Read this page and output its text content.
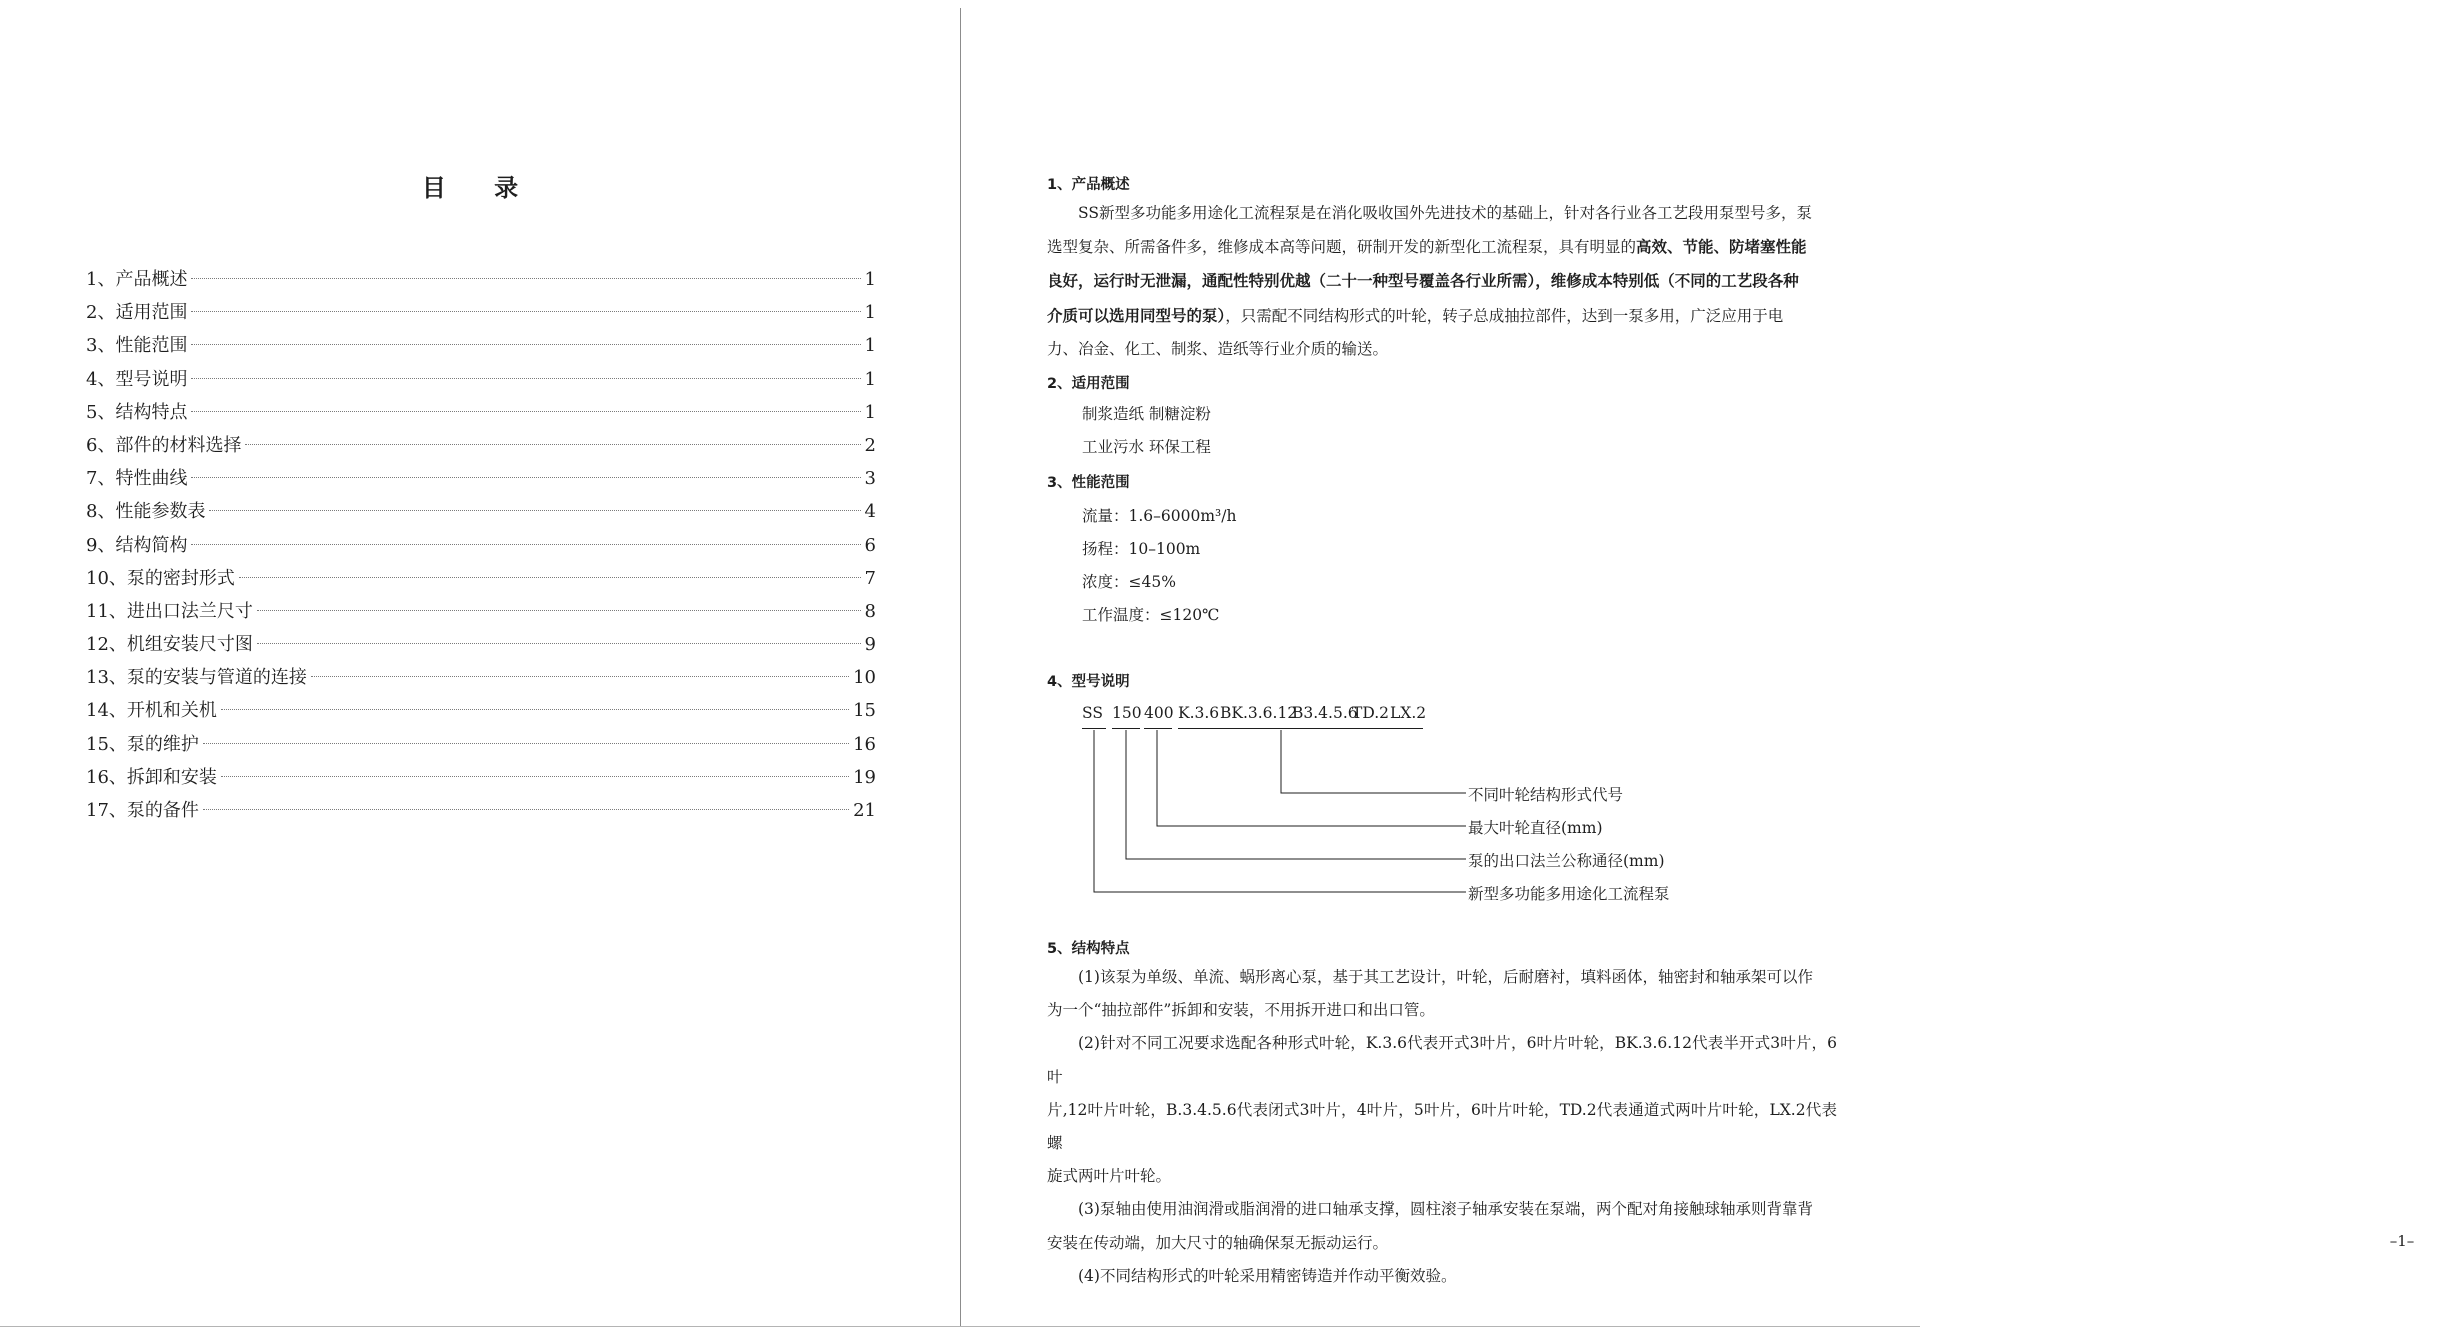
目 录
1、产品概述	1
2、适用范围	1
3、性能范围	1
4、型号说明	1
5、结构特点	1
6、部件的材料选择	2
7、特性曲线	3
8、性能参数表	4
9、结构简构	6
10、泵的密封形式	7
11、进出口法兰尺寸	8
12、机组安装尺寸图	9
13、泵的安装与管道的连接	10
14、开机和关机	15
15、泵的维护	16
16、拆卸和安装	19
17、泵的备件	21
1、产品概述

SS新型多功能多用途化工流程泵是在消化吸收国外先进技术的基础上，针对各行业各工艺段用泵型号多，泵

选型复杂、所需备件多，维修成本高等问题，研制开发的新型化工流程泵，具有明显的高效、节能、防堵塞性能

良好，运行时无泄漏，通配性特别优越（二十一种型号覆盖各行业所需），维修成本特别低（不同的工艺段各种

介质可以选用同型号的泵），只需配不同结构形式的叶轮，转子总成抽拉部件，达到一泵多用，广泛应用于电

力、冶金、化工、制浆、造纸等行业介质的输送。

2、适用范围
制浆造纸 制糖淀粉
工业污水 环保工程
3、性能范围
流量：1.6–6000m³/h
扬程：10–100m
浓度：≤45%
工作温度：≤120℃
4、型号说明
5、结构特点

(1)该泵为单级、单流、蜗形离心泵，基于其工艺设计，叶轮，后耐磨衬，填料函体，轴密封和轴承架可以作

为一个“抽拉部件”拆卸和安装，不用拆开进口和出口管。

(2)针对不同工况要求选配各种形式叶轮，K.3.6代表开式3叶片，6叶片叶轮，BK.3.6.12代表半开式3叶片，6叶

片,12叶片叶轮，B.3.4.5.6代表闭式3叶片，4叶片，5叶片，6叶片叶轮，TD.2代表通道式两叶片叶轮，LX.2代表螺

旋式两叶片叶轮。

(3)泵轴由使用油润滑或脂润滑的进口轴承支撑，圆柱滚子轴承安装在泵端，两个配对角接触球轴承则背靠背

安装在传动端，加大尺寸的轴确保泵无振动运行。

(4)不同结构形式的叶轮采用精密铸造并作动平衡效验。

–1–
SS 150 400 K.3.6 BK.3.6.12
B3.4.5.6
TD.2 LX.2
不同叶轮结构形式代号
最大叶轮直径(mm)
泵的出口法兰公称通径(mm)
新型多功能多用途化工流程泵
